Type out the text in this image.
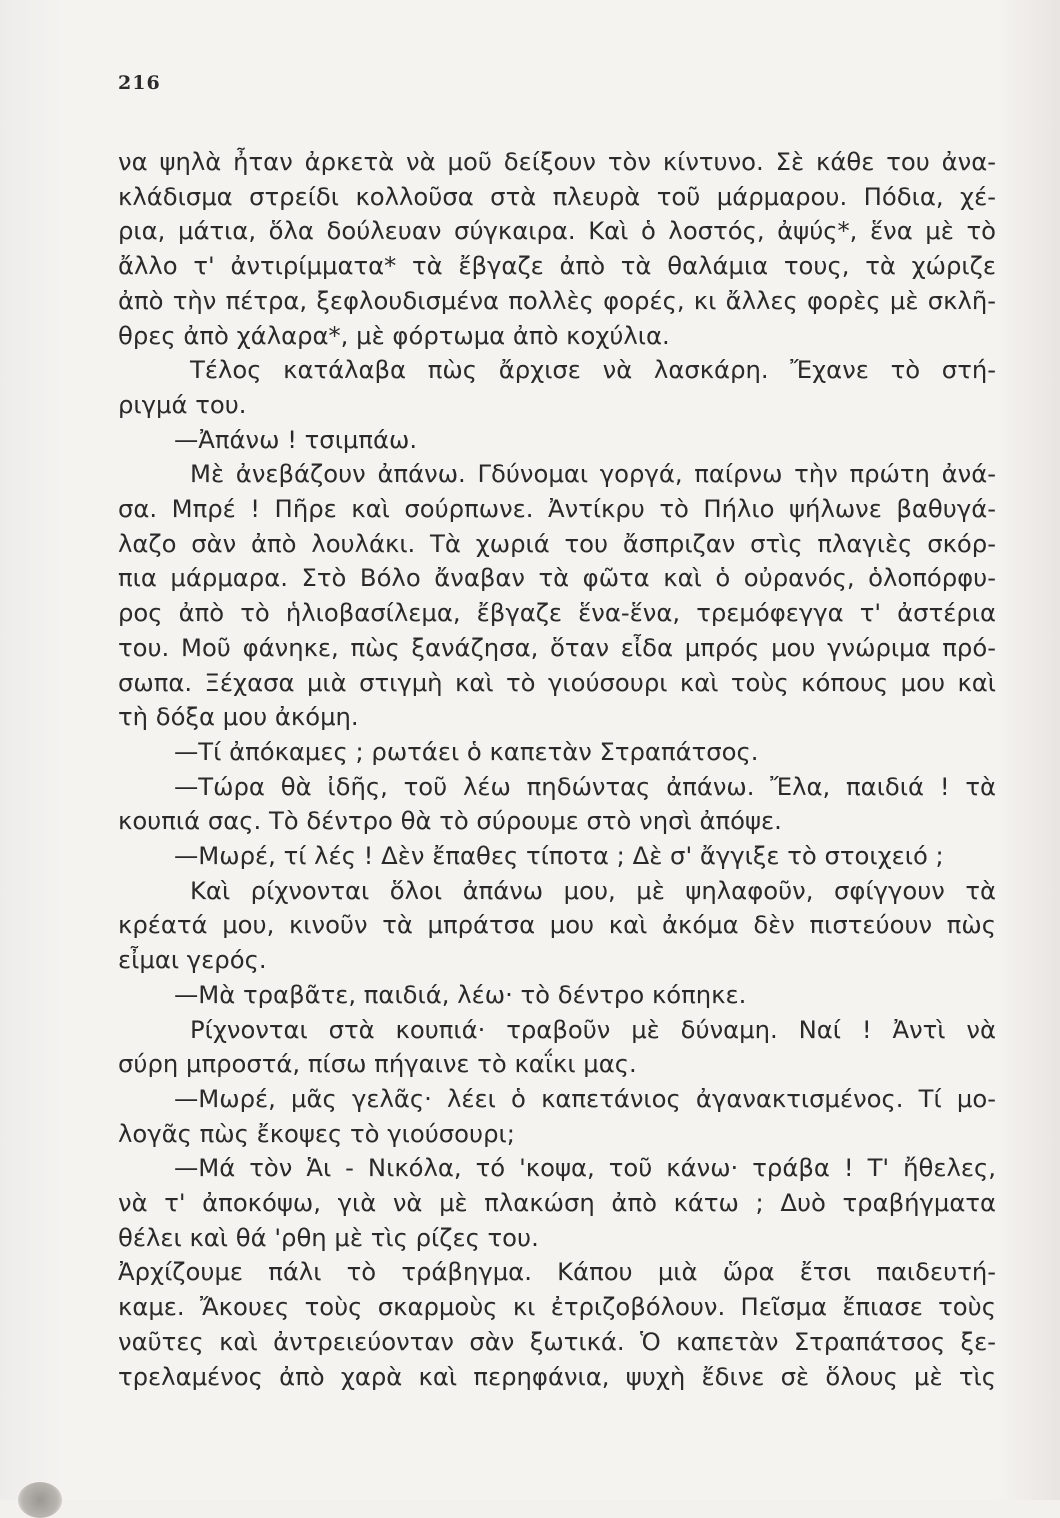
216
να ψηλὰ ἦταν ἀρκετὰ νὰ μοῦ δείξουν τὸν κίντυνο. Σὲ κάθε του ἀνα-
κλάδισμα στρείδι κολλοῦσα στὰ πλευρὰ τοῦ μάρμαρου. Πόδια, χέ-
ρια, μάτια, ὅλα δούλευαν σύγκαιρα. Καὶ ὁ λοστός, ἀψύς*, ἕνα μὲ τὸ
ἄλλο τ' ἀντιρίμματα* τὰ ἔβγαζε ἀπὸ τὰ θαλάμια τους, τὰ χώριζε
ἀπὸ τὴν πέτρα, ξεφλουδισμένα πολλὲς φορές, κι ἄλλες φορὲς μὲ σκλῆ-
θρες ἀπὸ χάλαρα*, μὲ φόρτωμα ἀπὸ κοχύλια.
Τέλος κατάλαβα πὼς ἄρχισε νὰ λασκάρη. Ἔχανε τὸ στή-
ριγμά του.
—Ἀπάνω ! τσιμπάω.
Μὲ ἀνεβάζουν ἀπάνω. Γδύνομαι γοργά, παίρνω τὴν πρώτη ἀνά-
σα. Μπρέ ! Πῆρε καὶ σούρπωνε. Ἀντίκρυ τὸ Πήλιο ψήλωνε βαθυγά-
λαζο σὰν ἀπὸ λουλάκι. Τὰ χωριά του ἄσπριζαν στὶς πλαγιὲς σκόρ-
πια μάρμαρα. Στὸ Βόλο ἄναβαν τὰ φῶτα καὶ ὁ οὐρανός, ὁλοπόρφυ-
ρος ἀπὸ τὸ ἡλιοβασίλεμα, ἔβγαζε ἕνα-ἕνα, τρεμόφεγγα τ' ἀστέρια
του. Μοῦ φάνηκε, πὼς ξανάζησα, ὅταν εἶδα μπρός μου γνώριμα πρό-
σωπα. Ξέχασα μιὰ στιγμὴ καὶ τὸ γιούσουρι καὶ τοὺς κόπους μου καὶ
τὴ δόξα μου ἀκόμη.
—Τί ἀπόκαμες ; ρωτάει ὁ καπετὰν Στραπάτσος.
—Τώρα θὰ ἰδῆς, τοῦ λέω πηδώντας ἀπάνω. Ἔλα, παιδιά ! τὰ
κουπιά σας. Τὸ δέντρο θὰ τὸ σύρουμε στὸ νησὶ ἀπόψε.
—Μωρέ, τί λές ! Δὲν ἔπαθες τίποτα ; Δὲ σ' ἄγγιξε τὸ στοιχειό ;
Καὶ ρίχνονται ὅλοι ἀπάνω μου, μὲ ψηλαφοῦν, σφίγγουν τὰ
κρέατά μου, κινοῦν τὰ μπράτσα μου καὶ ἀκόμα δὲν πιστεύουν πὼς
εἶμαι γερός.
—Μὰ τραβᾶτε, παιδιά, λέω· τὸ δέντρο κόπηκε.
Ρίχνονται στὰ κουπιά· τραβοῦν μὲ δύναμη. Ναί ! Ἀντὶ νὰ
σύρη μπροστά, πίσω πήγαινε τὸ καΐκι μας.
—Μωρέ, μᾶς γελᾶς· λέει ὁ καπετάνιος ἀγανακτισμένος. Τί μο-
λογᾶς πὼς ἔκοψες τὸ γιούσουρι;
—Μά τὸν Ἁι - Νικόλα, τό 'κοψα, τοῦ κάνω· τράβα ! Τ' ἤθελες,
νὰ τ' ἀποκόψω, γιὰ νὰ μὲ πλακώση ἀπὸ κάτω ; Δυὸ τραβήγματα
θέλει καὶ θά 'ρθη μὲ τὶς ρίζες του.
Ἀρχίζουμε πάλι τὸ τράβηγμα. Κάπου μιὰ ὥρα ἔτσι παιδευτή-
καμε. Ἄκουες τοὺς σκαρμοὺς κι ἐτριζοβόλουν. Πεῖσμα ἔπιασε τοὺς
ναῦτες καὶ ἀντρειεύονταν σὰν ξωτικά. Ὁ καπετὰν Στραπάτσος ξε-
τρελαμένος ἀπὸ χαρὰ καὶ περηφάνια, ψυχὴ ἔδινε σὲ ὅλους μὲ τὶς
